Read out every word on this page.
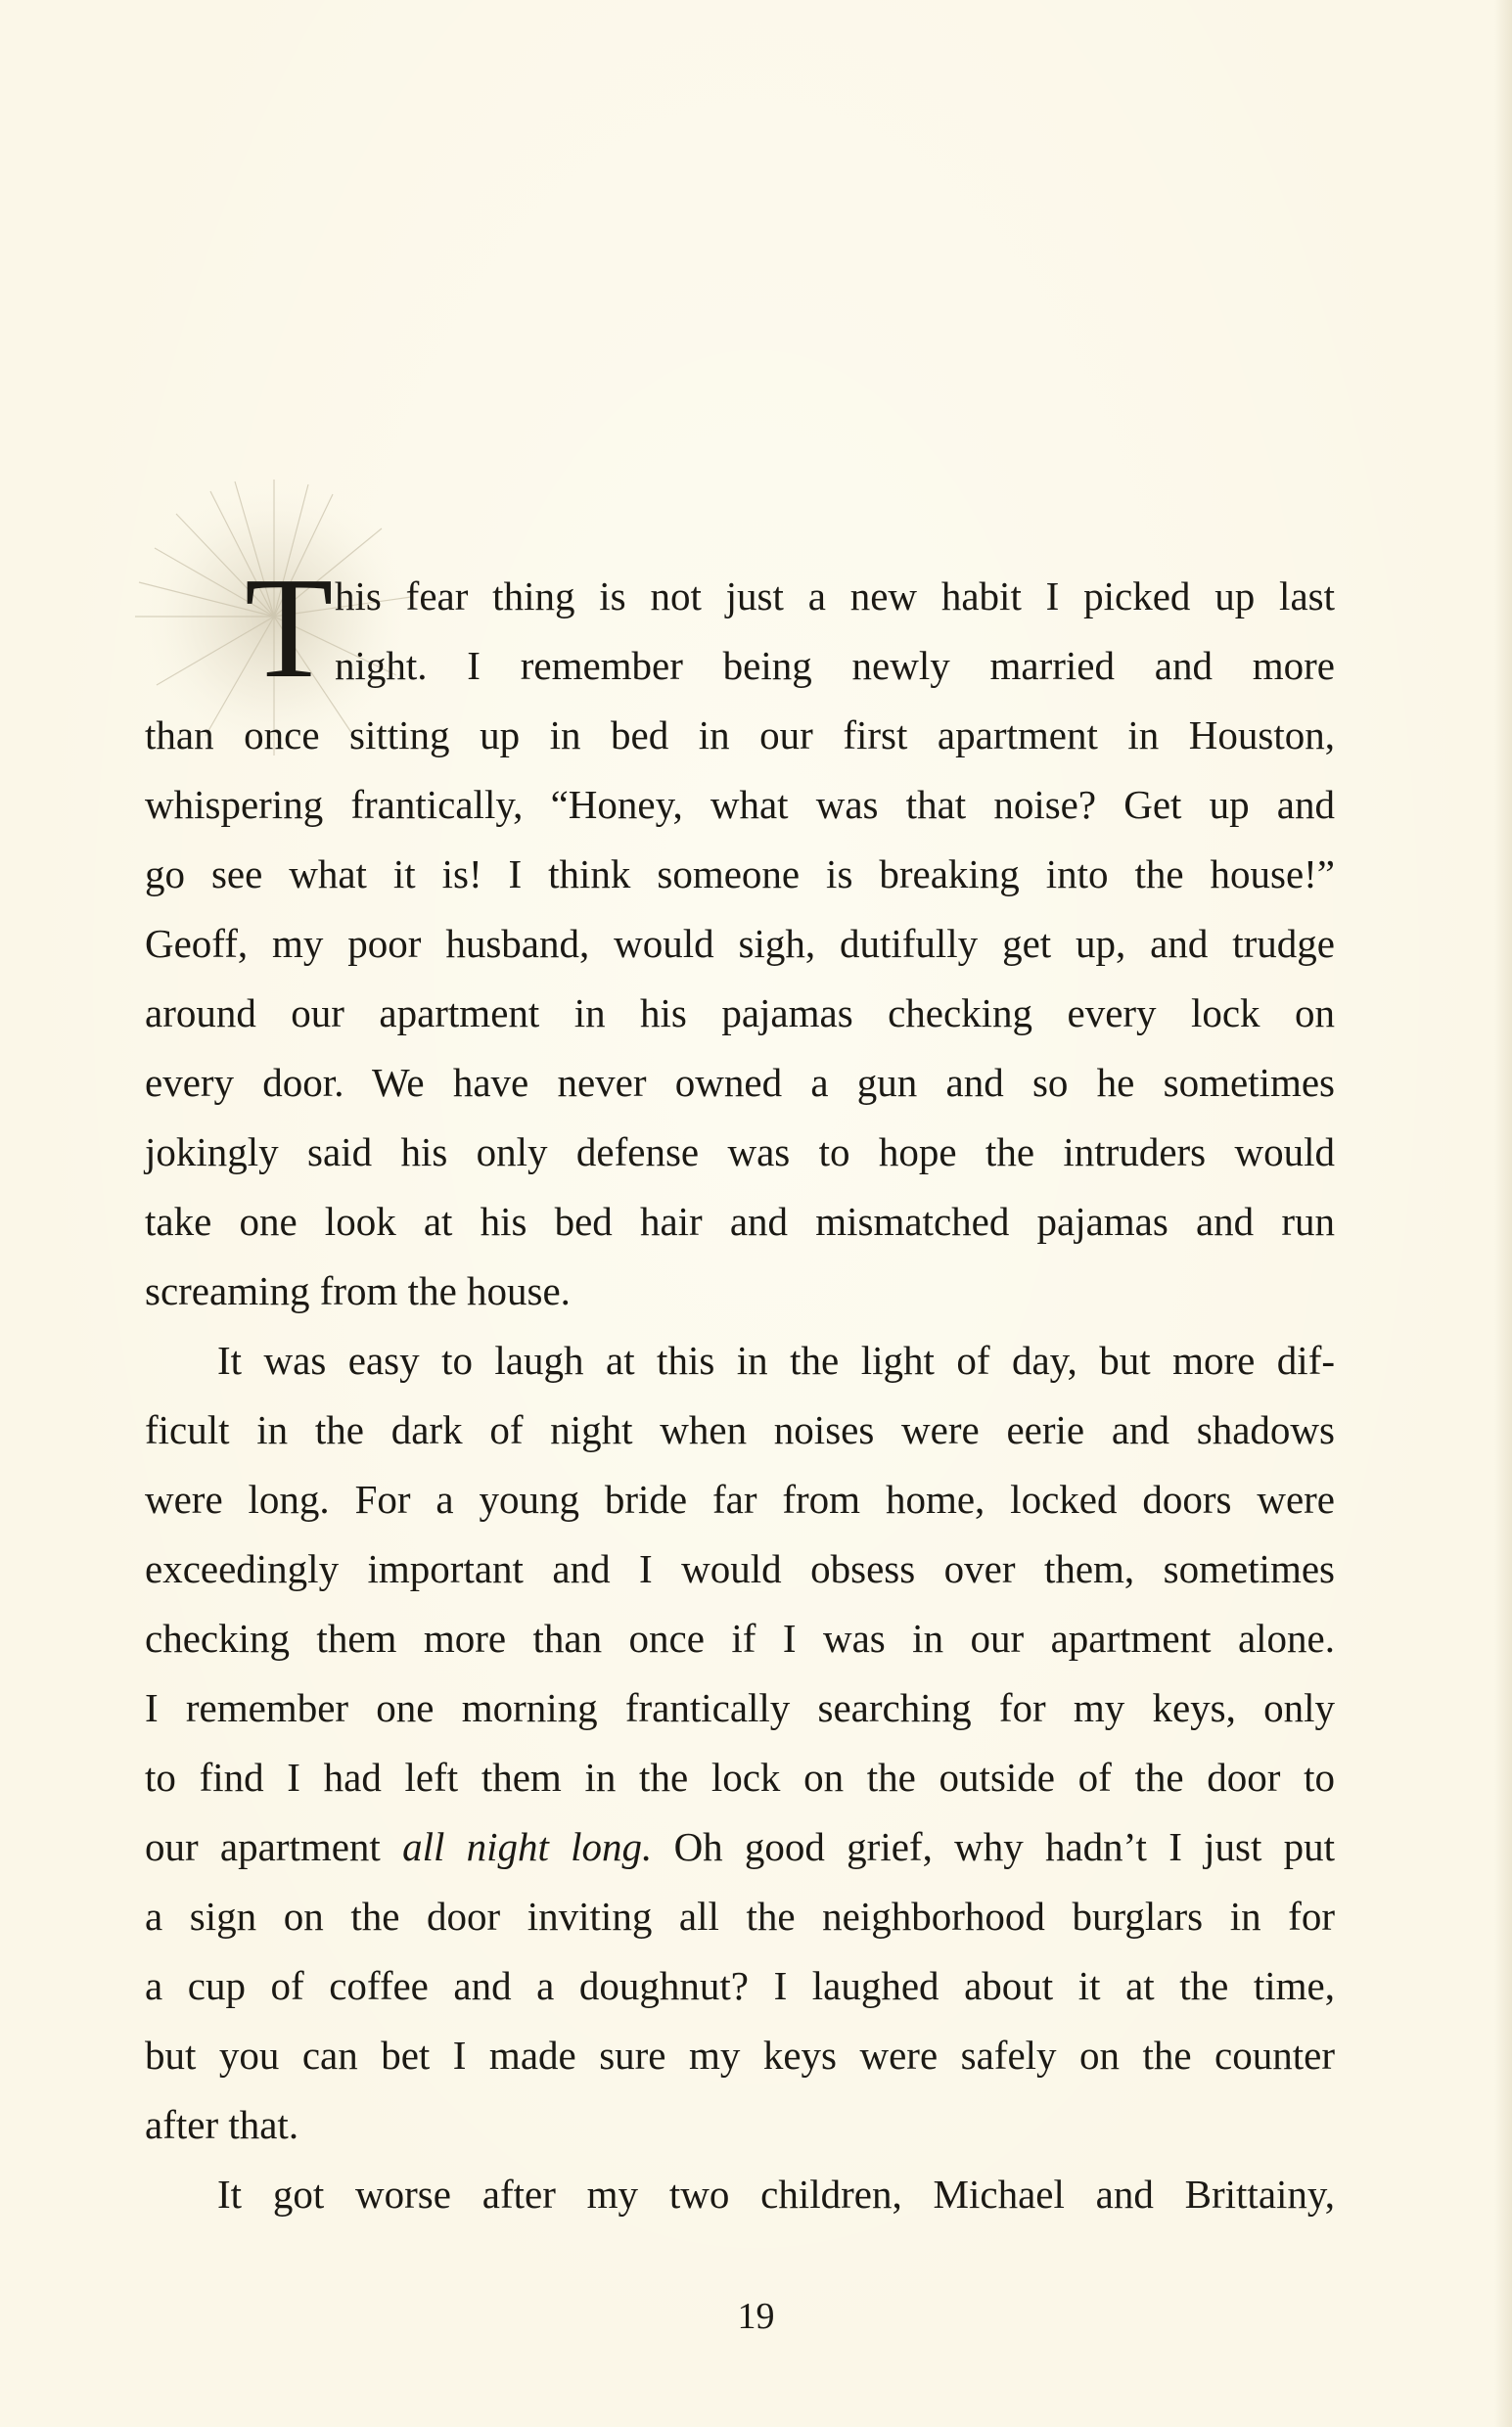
T his fear thing is not just a new habit I picked up last
night. I remember being newly married and more
than once sitting up in bed in our first apartment in Houston,
whispering frantically, “Honey, what was that noise? Get up and
go see what it is! I think someone is breaking into the house!”
Geoff, my poor husband, would sigh, dutifully get up, and trudge
around our apartment in his pajamas checking every lock on
every door. We have never owned a gun and so he sometimes
jokingly said his only defense was to hope the intruders would
take one look at his bed hair and mismatched pajamas and run
screaming from the house.
It was easy to laugh at this in the light of day, but more dif-
ficult in the dark of night when noises were eerie and shadows
were long. For a young bride far from home, locked doors were
exceedingly important and I would obsess over them, sometimes
checking them more than once if I was in our apartment alone.
I remember one morning frantically searching for my keys, only
to find I had left them in the lock on the outside of the door to
our apartment all night long. Oh good grief, why hadn’t I just put
a sign on the door inviting all the neighborhood burglars in for
a cup of coffee and a doughnut? I laughed about it at the time,
but you can bet I made sure my keys were safely on the counter
after that.
It got worse after my two children, Michael and Brittainy,
19
